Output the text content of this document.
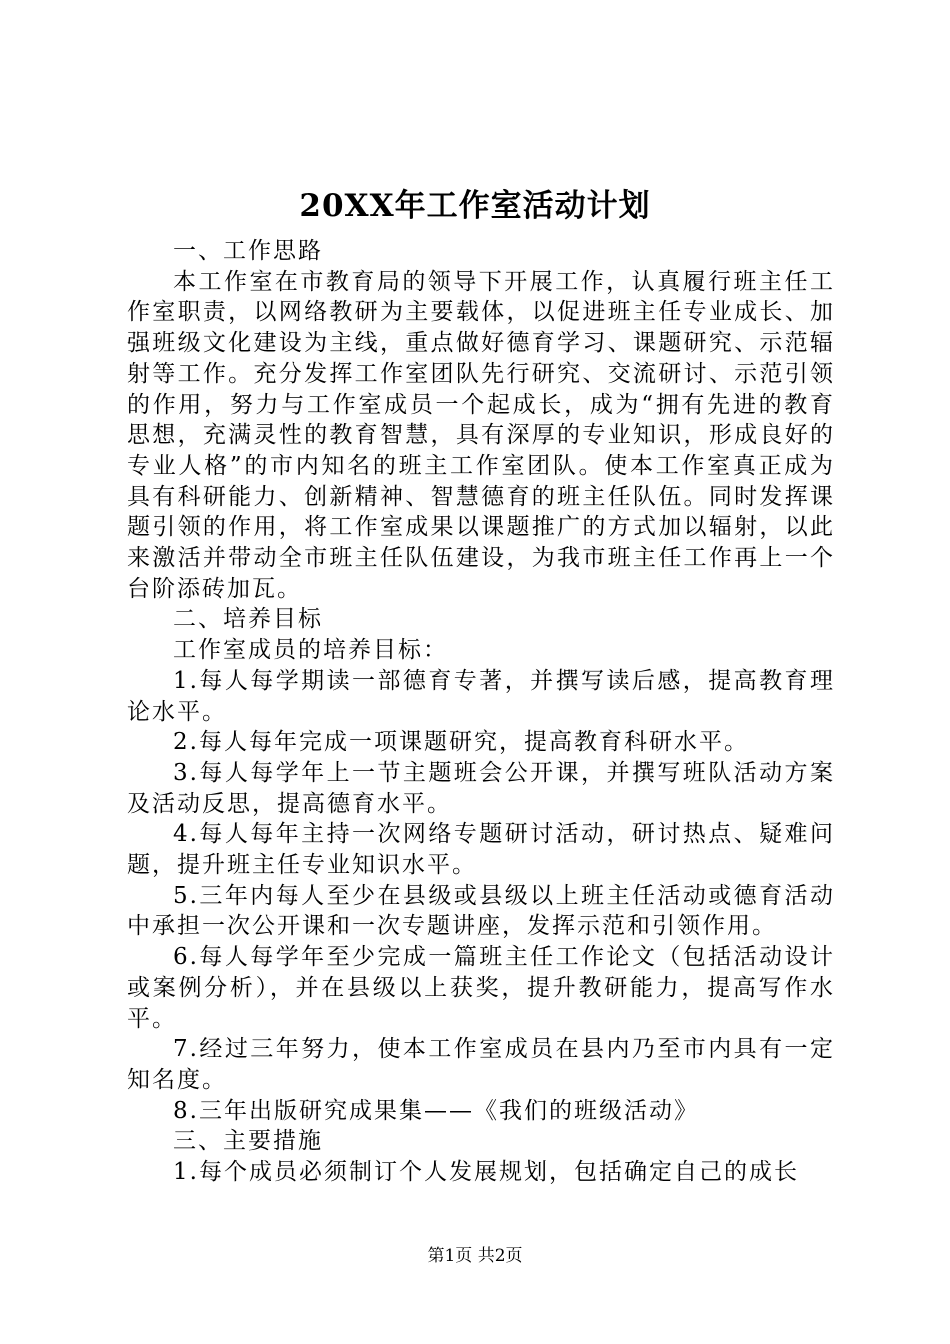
20XX年工作室活动计划

一、工作思路

本工作室在市教育局的领导下开展工作，认真履行班主任工作室职责，以网络教研为主要载体，以促进班主任专业成长、加强班级文化建设为主线，重点做好德育学习、课题研究、示范辐射等工作。充分发挥工作室团队先行研究、交流研讨、示范引领的作用，努力与工作室成员一个起成长，成为“拥有先进的教育思想，充满灵性的教育智慧，具有深厚的专业知识，形成良好的专业人格”的市内知名的班主工作室团队。使本工作室真正成为具有科研能力、创新精神、智慧德育的班主任队伍。同时发挥课题引领的作用，将工作室成果以课题推广的方式加以辐射，以此来激活并带动全市班主任队伍建设，为我市班主任工作再上一个台阶添砖加瓦。

二、培养目标

工作室成员的培养目标：

1.每人每学期读一部德育专著，并撰写读后感，提高教育理论水平。

2.每人每年完成一项课题研究，提高教育科研水平。

3.每人每学年上一节主题班会公开课，并撰写班队活动方案及活动反思，提高德育水平。

4.每人每年主持一次网络专题研讨活动，研讨热点、疑难问题，提升班主任专业知识水平。

5.三年内每人至少在县级或县级以上班主任活动或德育活动中承担一次公开课和一次专题讲座，发挥示范和引领作用。

6.每人每学年至少完成一篇班主任工作论文（包括活动设计或案例分析），并在县级以上获奖，提升教研能力，提高写作水平。

7.经过三年努力，使本工作室成员在县内乃至市内具有一定知名度。

8.三年出版研究成果集——《我们的班级活动》

三、主要措施

1.每个成员必须制订个人发展规划，包括确定自己的成长

第1页 共2页
